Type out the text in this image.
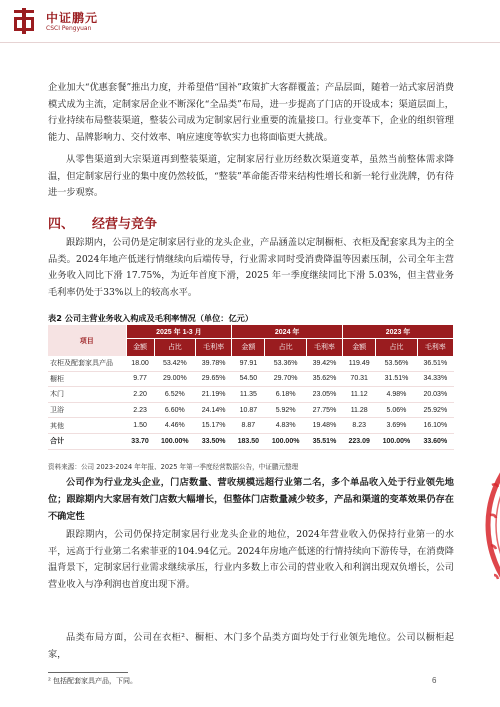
中证鹏元
CSCI Pengyuan

企业加大“优惠套餐”推出力度，并希望借“国补”政策扩大客群覆盖；产品层面，随着一站式家居消费模式成为主流，定制家居企业不断深化“全品类”布局，进一步提高了门店的开设成本；渠道层面上，行业持续布局整装渠道，整装公司成为定制家居行业重要的流量接口。行业变革下，企业的组织管理能力、品牌影响力、交付效率、响应速度等软实力也将面临更大挑战。

从零售渠道到大宗渠道再到整装渠道，定制家居行业历经数次渠道变革，虽然当前整体需求降温，但定制家居行业的集中度仍然较低，“整装”革命能否带来结构性增长和新一轮行业洗牌，仍有待进一步观察。

四、 经营与竞争

跟踪期内，公司仍是定制家居行业的龙头企业，产品涵盖以定制橱柜、衣柜及配套家具为主的全品类。2024年地产低迷行情继续向后端传导，行业需求同时受消费降温等因素压制，公司全年主营业务收入同比下滑 17.75%，为近年首度下滑，2025 年一季度继续同比下滑 5.03%，但主营业务毛利率仍处于33%以上的较高水平。

表2 公司主营业务收入构成及毛利率情况（单位：亿元）
项目	2025 年 1-3 月			2024 年			2023 年		
	金额	占比	毛利率	金额	占比	毛利率	金额	占比	毛利率
衣柜及配套家具产品	18.00	53.42%	39.78%	97.91	53.36%	39.42%	119.49	53.56%	36.51%
橱柜	9.77	29.00%	29.65%	54.50	29.70%	35.62%	70.31	31.51%	34.33%
木门	2.20	6.52%	21.19%	11.35	6.18%	23.05%	11.12	4.98%	20.03%
卫浴	2.23	6.60%	24.14%	10.87	5.92%	27.75%	11.28	5.06%	25.92%
其他	1.50	4.46%	15.17%	8.87	4.83%	19.48%	8.23	3.69%	16.10%
合计	33.70	100.00%	33.50%	183.50	100.00%	35.51%	223.09	100.00%	33.60%
资料来源：公司 2023-2024 年年报、2025 年第一季度经营数据公告，中证鹏元整理

公司作为行业龙头企业，门店数量、营收规模远超行业第二名，多个单品收入处于行业领先地位；跟踪期内大家居有效门店数大幅增长，但整体门店数量减少较多，产品和渠道的变革效果仍存在不确定性

跟踪期内，公司仍保持定制家居行业龙头企业的地位，2024年营业收入仍保持行业第一的水平，远高于行业第二名索菲亚的104.94亿元。2024年房地产低迷的行情持续向下游传导，在消费降温背景下，定制家居行业需求继续承压，行业内多数上市公司的营业收入和利润出现双负增长，公司营业收入与净利润也首度出现下滑。

品类布局方面，公司在衣柜²、橱柜、木门多个品类方面均处于行业领先地位。公司以橱柜起家，

² 包括配套家具产品，下同。	6
